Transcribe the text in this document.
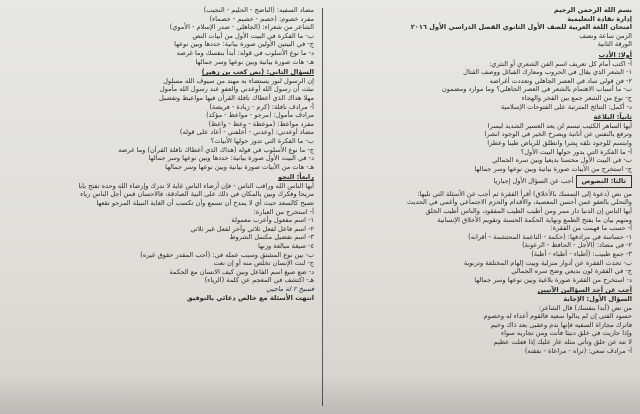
بسم الله الرحمن الرحيم
إدارة نقادة التعليمية
امتحان اللغة العربية للصف الأول الثانوي الفصل الدراسي الأول ٢٠١٦
الزمن ساعة ونصف
الورقة الثانية
أولا: الأدب
أ- اكتب أمام كل تعريف اسم الفن الشعري أو النثري:
١- الشعر الذي يقال في الحروب ومعارك القبائل ووصف القتال
٢- فن قولي ساد في العصر الجاهلي وتعددت أغراضه
ب- ما أسباب الاهتمام بالشعر في العصر الجاهلي؟ وما موارد ومضمون
ج- نوع من الشعر جمع بين الفخر والهجاء
د- أكمل: النتائج المترتبة على الفتوحات الإسلامية
ثانياً: البلاغة
أيها الساهر الكئيب تبسم لن يعد العسير الشديد ليسرا
وترفع بالنفس عن أنانية ويصرخ الخير في الوجود انشرا
وابتسم للوجود تلقه بِشرا وانطلق للرياض طيبا وعطرا
أ- ما الفكرة التي يدور حولها البيت الأول؟
ب- في البيت الأول محسنا بديعيا وبين سره الجمالي
ج- استخرج من الأبيات صورة بيانية وبين نوعها وسر جمالها
ثالثا: النصوص أجب عن السؤال الأول إجباريا
من نص (دعوة إلى التمسك بالأخلاق) أقرأ الفقرة ثم أجب عن الأسئلة التي تليها:
والتحلي بالعفو عمن أحسن المعصية، والأقدام والحزم الاجتماعي وأغمي في الحديث
أيها الناس إن الدنيا دار ممر ومن أطيب الطيب المفقود، والناس أطيب الخلق
ومنهم بيان ما يفتح الطمع ونهاية الحكمة الحسنة وتقويم الأخلاق الإنسانية
أ- حسب ما فهمت من الفقرة:
١- حساسة في مرادفها: (حكمة - الناعمة المحتشمة - أقرانه)
٢- في مضاد: (الأجل - الحافظ - الرعونة)
٣- جمع طبيب: (أطباء - أطباء - أطبة)
ب- تحدث الفقرة عن أدوار منزلية وبيت إلهام المختلفة وتربوية
ج- في الفقرة لون بديعي وضح سره الجمالي
د- استخرج من الفقرة صورة بلاغية وبين نوعها وسر جمالها
أجب عن أحد السؤالين الآتيين
السؤال الأول: الإجابة
من نص (أبدا بنفسك) قال الشاعر:
حسود الفتى إن لم ينالوا سعيه فالقوم أعداء له وخصوم
فاترك مجاراة السفيه فإنها ندم وعقبى بعد ذاك وخيم
وإذا جاريت في خلق دنيئا فأنت ومن تجاريه سواء
لا تنه عن خلق وتأتي مثله عار عليك إذا فعلت عظيم
أ- مرادف سعي: (تراه - مراعاة - نفقته)
مضاد السفيه: (الناضج - الحليم - النجيب)
مفرد خصوم: (خصم - خصيم - خصماء)
الشاعر من شعراء: (الجاهلي - صدر الإسلام - الأموي)
ب- ما الفكرة في البيت الأول من أبيات النص
ج- في البيتين الأولين صورة بيانية: حددها وبين نوعها
د- ما نوع الأسلوب في قوله: أبدأ بنفسك وما غرضه
هـ- هات صورة بيانية وبين نوعها وسر جمالها
السؤال الثاني: (نص كعب بن زهير)
إن الرسول لنور يستضاء به مهند من سيوف الله مسلول
نبئت أن رسول الله أوعدني والعفو عند رسول الله مأمول
مهلا هداك الذي أعطاك نافلة القرآن فيها مواعيظ وتفصيل
أ- مرادف نافلة: (كرم - زيادة - فريضة)
مرادف مأمول: (مرجو - مواعظ - مؤكد)
مفرد مواعظ: (موعظة - وعظ - واعظ)
مضاد أوعدني: (وعدني - أخلفني - أعاد على قوله)
ب- ما الفكرة التي تدور حولها الأبيات؟
ج- ما نوع الأسلوب في قوله (هداك الذي أعطاك نافلة القرآن) وما غرضه
د- في البيت الأول صورة بيانية: حددها وبين نوعها وسر جمالها
هـ- هات من الأبيات صورة بيانية وبين نوعها وسر جمالها
رابعاً: النحو
أيها الناس الله وراقب الناس - فإن أرضاء الناس غاية لا تدرك وإرضاء الله وحده تفتح بابا
مريحا وفكرك وبين بالمكان في ذلك على النية الصادقة، فالاحسان فمن أجل الناس رياء
تصبح كالسعد حيث أي لا يمدح أن تسمع وأن تكسب أن الغاية النبيلة المرجو تقعها
أ- استخرج من العبارة:
١- اسم مفعول وأعرب معمولة
٢- اسم فاعل لفعل ثلاثي وآخر لفعل غير ثلاثي
٣- اسم تفضيل مكتمل الشروط
٤- صيغة مبالغة وزنها
ب- بين نوع المشتق وسبب عمله في: (أحب المقدر حقوق غيره)
ج- لنت الإنسان تخلص منه أو إن نعت
د- ضع صيغ اسم الفاعل وبين كيف الانسان مع الحكمة
هـ- اكتشف في المعجم عن كلمة (الرياء)
فسيخ ٢ لة ماجيي
انتهت الأسئلة مع خالص دعائي بالتوفيق
